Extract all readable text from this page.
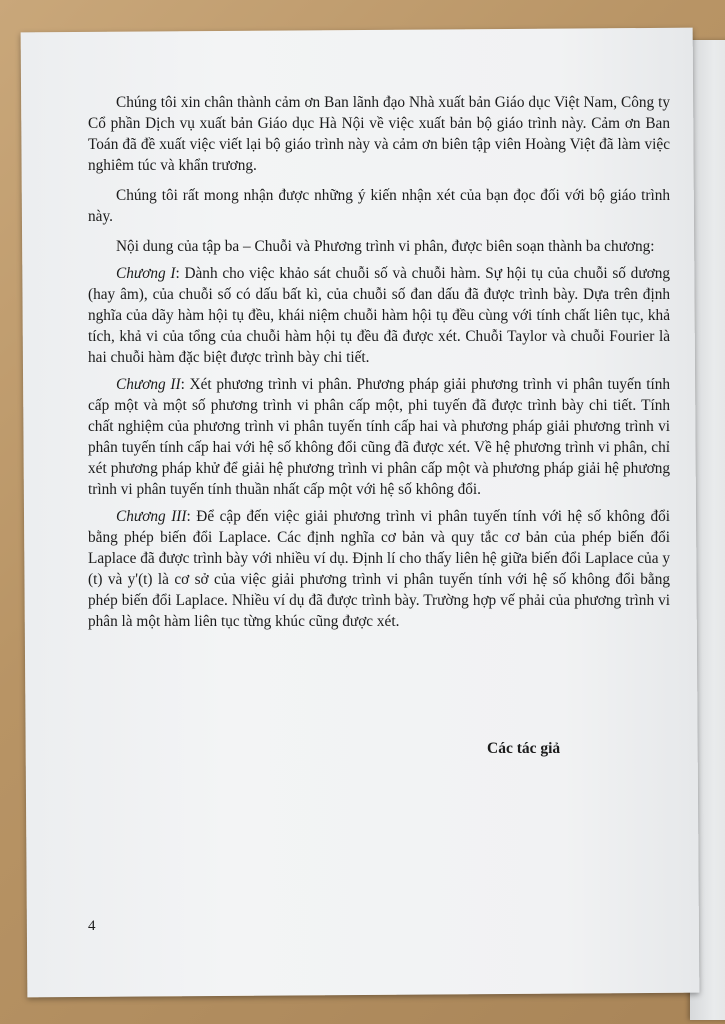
Chúng tôi xin chân thành cảm ơn Ban lãnh đạo Nhà xuất bản Giáo dục Việt Nam, Công ty Cổ phần Dịch vụ xuất bản Giáo dục Hà Nội về việc xuất bản bộ giáo trình này. Cảm ơn Ban Toán đã đề xuất việc viết lại bộ giáo trình này và cảm ơn biên tập viên Hoàng Việt đã làm việc nghiêm túc và khẩn trương.

Chúng tôi rất mong nhận được những ý kiến nhận xét của bạn đọc đối với bộ giáo trình này.

Nội dung của tập ba – Chuỗi và Phương trình vi phân, được biên soạn thành ba chương:

Chương I: Dành cho việc khảo sát chuỗi số và chuỗi hàm. Sự hội tụ của chuỗi số dương (hay âm), của chuỗi số có dấu bất kì, của chuỗi số đan dấu đã được trình bày. Dựa trên định nghĩa của dãy hàm hội tụ đều, khái niệm chuỗi hàm hội tụ đều cùng với tính chất liên tục, khả tích, khả vi của tổng của chuỗi hàm hội tụ đều đã được xét. Chuỗi Taylor và chuỗi Fourier là hai chuỗi hàm đặc biệt được trình bày chi tiết.

Chương II: Xét phương trình vi phân. Phương pháp giải phương trình vi phân tuyến tính cấp một và một số phương trình vi phân cấp một, phi tuyến đã được trình bày chi tiết. Tính chất nghiệm của phương trình vi phân tuyến tính cấp hai và phương pháp giải phương trình vi phân tuyến tính cấp hai với hệ số không đổi cũng đã được xét. Về hệ phương trình vi phân, chỉ xét phương pháp khử để giải hệ phương trình vi phân cấp một và phương pháp giải hệ phương trình vi phân tuyến tính thuần nhất cấp một với hệ số không đổi.

Chương III: Để cập đến việc giải phương trình vi phân tuyến tính với hệ số không đổi bằng phép biến đổi Laplace. Các định nghĩa cơ bản và quy tắc cơ bản của phép biến đổi Laplace đã được trình bày với nhiều ví dụ. Định lí cho thấy liên hệ giữa biến đổi Laplace của y (t) và y'(t) là cơ sở của việc giải phương trình vi phân tuyến tính với hệ số không đổi bằng phép biến đổi Laplace. Nhiều ví dụ đã được trình bày. Trường hợp vế phải của phương trình vi phân là một hàm liên tục từng khúc cũng được xét.

Các tác giả
4
